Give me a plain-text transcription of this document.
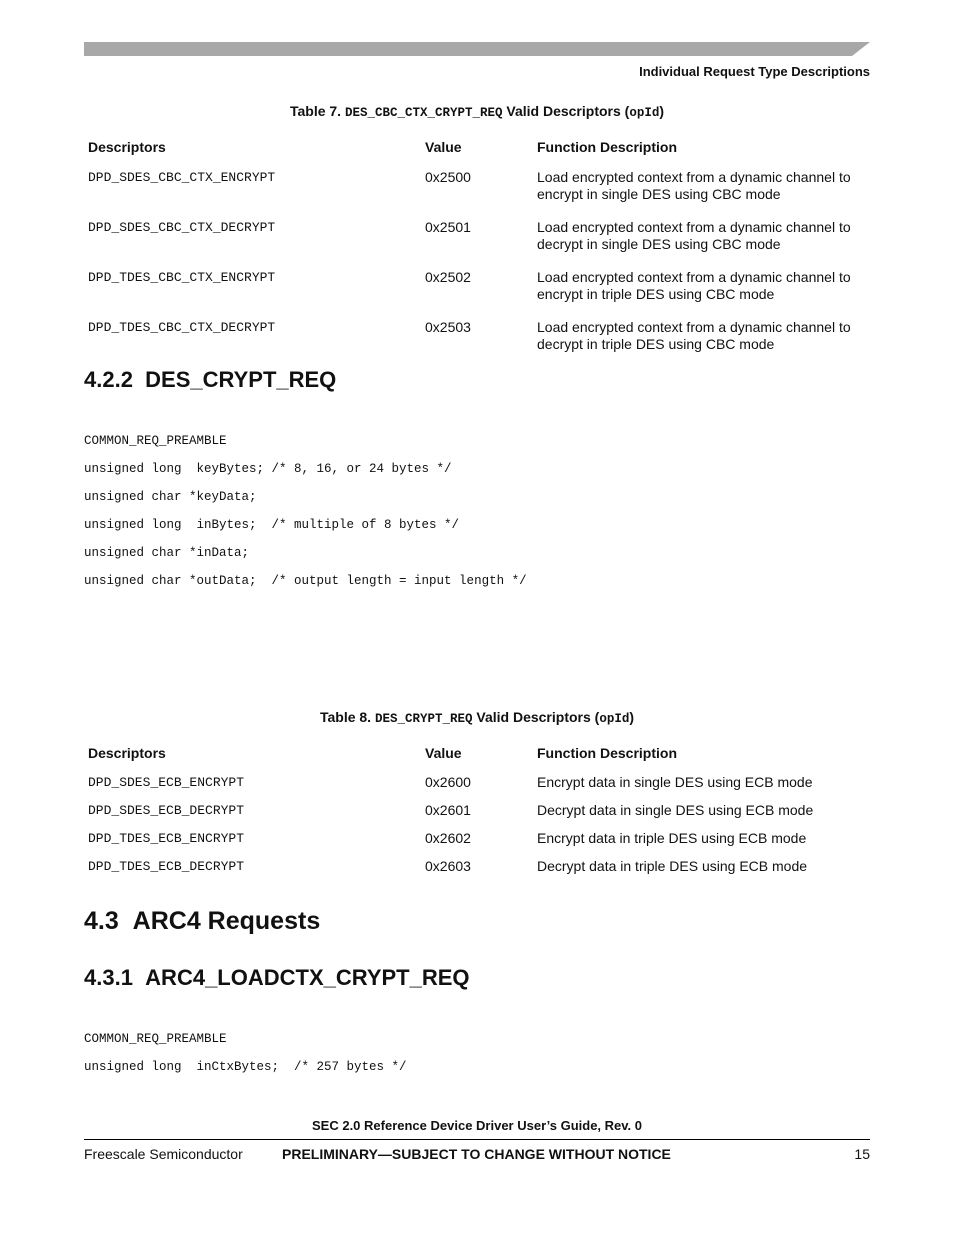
Individual Request Type Descriptions
Table 7. DES_CBC_CTX_CRYPT_REQ Valid Descriptors (opId)
Descriptors	Value	Function Description
DPD_SDES_CBC_CTX_ENCRYPT	0x2500	Load encrypted context from a dynamic channel to encrypt in single DES using CBC mode
DPD_SDES_CBC_CTX_DECRYPT	0x2501	Load encrypted context from a dynamic channel to decrypt in single DES using CBC mode
DPD_TDES_CBC_CTX_ENCRYPT	0x2502	Load encrypted context from a dynamic channel to encrypt in triple DES using CBC mode
DPD_TDES_CBC_CTX_DECRYPT	0x2503	Load encrypted context from a dynamic channel to decrypt in triple DES using CBC mode
4.2.2 DES_CRYPT_REQ
COMMON_REQ_PREAMBLE
unsigned long  keyBytes; /* 8, 16, or 24 bytes */
unsigned char *keyData;
unsigned long  inBytes;  /* multiple of 8 bytes */
unsigned char *inData;
unsigned char *outData;  /* output length = input length */
Table 8. DES_CRYPT_REQ Valid Descriptors (opId)
Descriptors	Value	Function Description
DPD_SDES_ECB_ENCRYPT	0x2600	Encrypt data in single DES using ECB mode
DPD_SDES_ECB_DECRYPT	0x2601	Decrypt data in single DES using ECB mode
DPD_TDES_ECB_ENCRYPT	0x2602	Encrypt data in triple DES using ECB mode
DPD_TDES_ECB_DECRYPT	0x2603	Decrypt data in triple DES using ECB mode
4.3 ARC4 Requests
4.3.1 ARC4_LOADCTX_CRYPT_REQ
COMMON_REQ_PREAMBLE
unsigned long  inCtxBytes;  /* 257 bytes */
SEC 2.0 Reference Device Driver User’s Guide, Rev. 0
Freescale Semiconductor	PRELIMINARY—SUBJECT TO CHANGE WITHOUT NOTICE	15
